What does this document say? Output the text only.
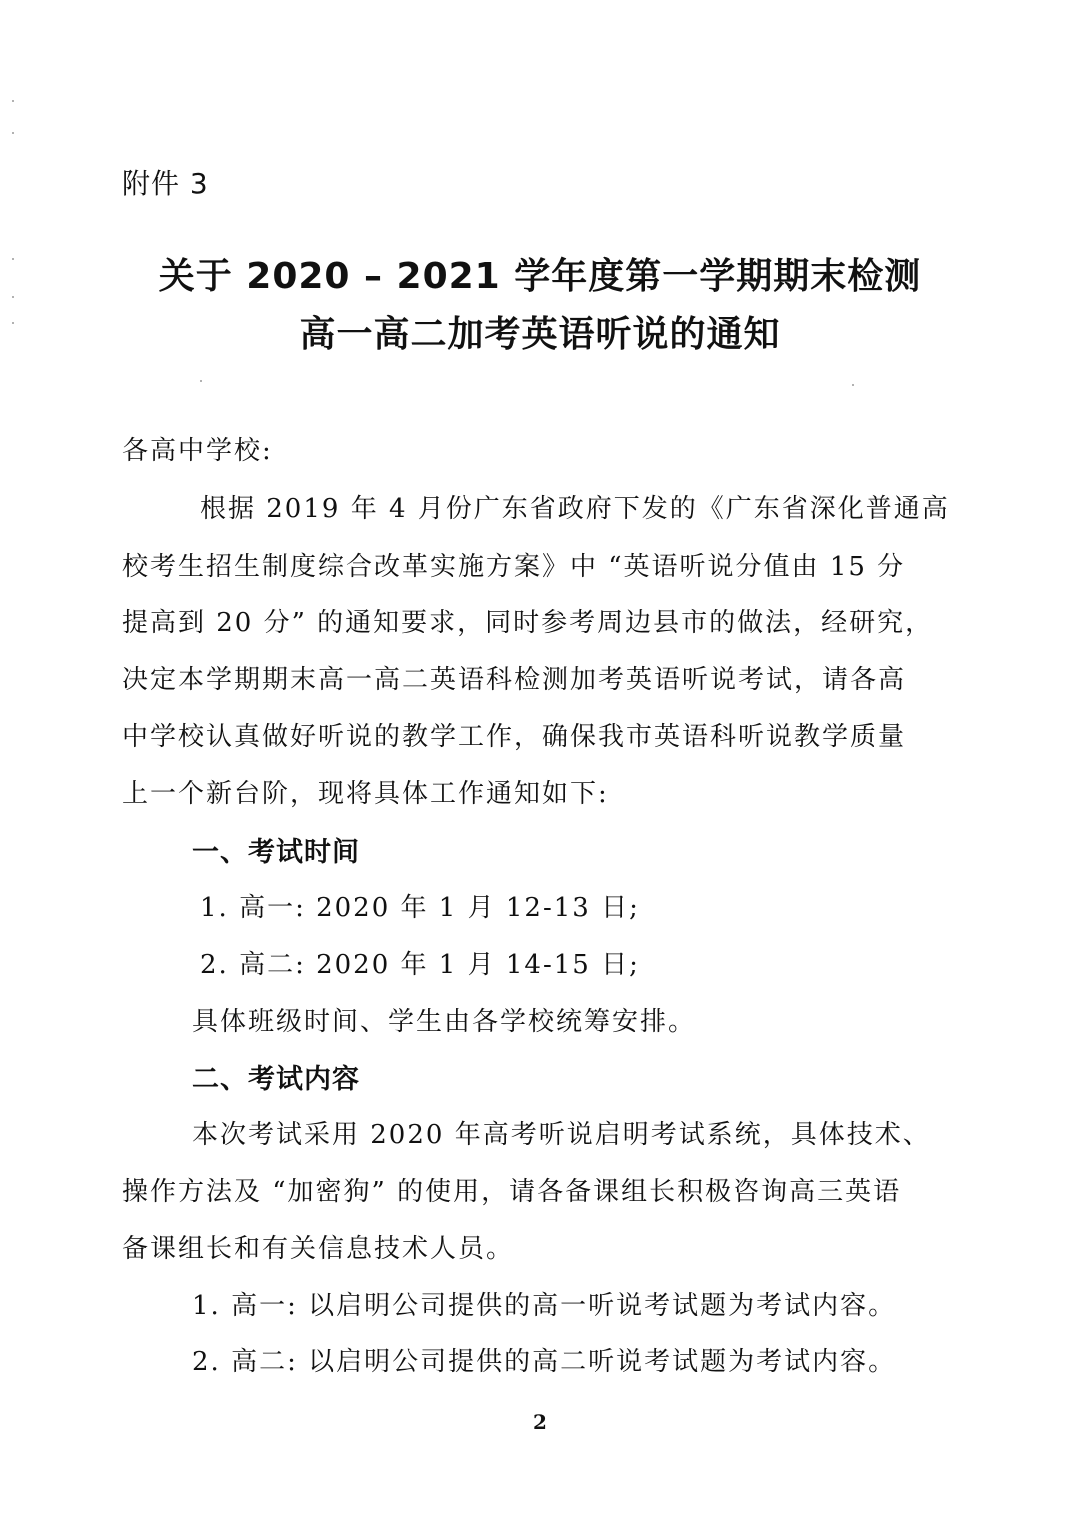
附件 3
关于 2020 – 2021 学年度第一学期期末检测
高一高二加考英语听说的通知
各高中学校:
根据 2019 年 4 月份广东省政府下发的《广东省深化普通高
校考生招生制度综合改革实施方案》中 “英语听说分值由 15 分
提高到 20 分” 的通知要求，同时参考周边县市的做法，经研究，
决定本学期期末高一高二英语科检测加考英语听说考试，请各高
中学校认真做好听说的教学工作，确保我市英语科听说教学质量
上一个新台阶，现将具体工作通知如下:
一、考试时间
1. 高一: 2020 年 1 月 12-13 日;
2. 高二: 2020 年 1 月 14-15 日;
具体班级时间、学生由各学校统筹安排。
二、考试内容
本次考试采用 2020 年高考听说启明考试系统，具体技术、
操作方法及 “加密狗” 的使用，请各备课组长积极咨询高三英语
备课组长和有关信息技术人员。
1. 高一: 以启明公司提供的高一听说考试题为考试内容。
2. 高二: 以启明公司提供的高二听说考试题为考试内容。
2
